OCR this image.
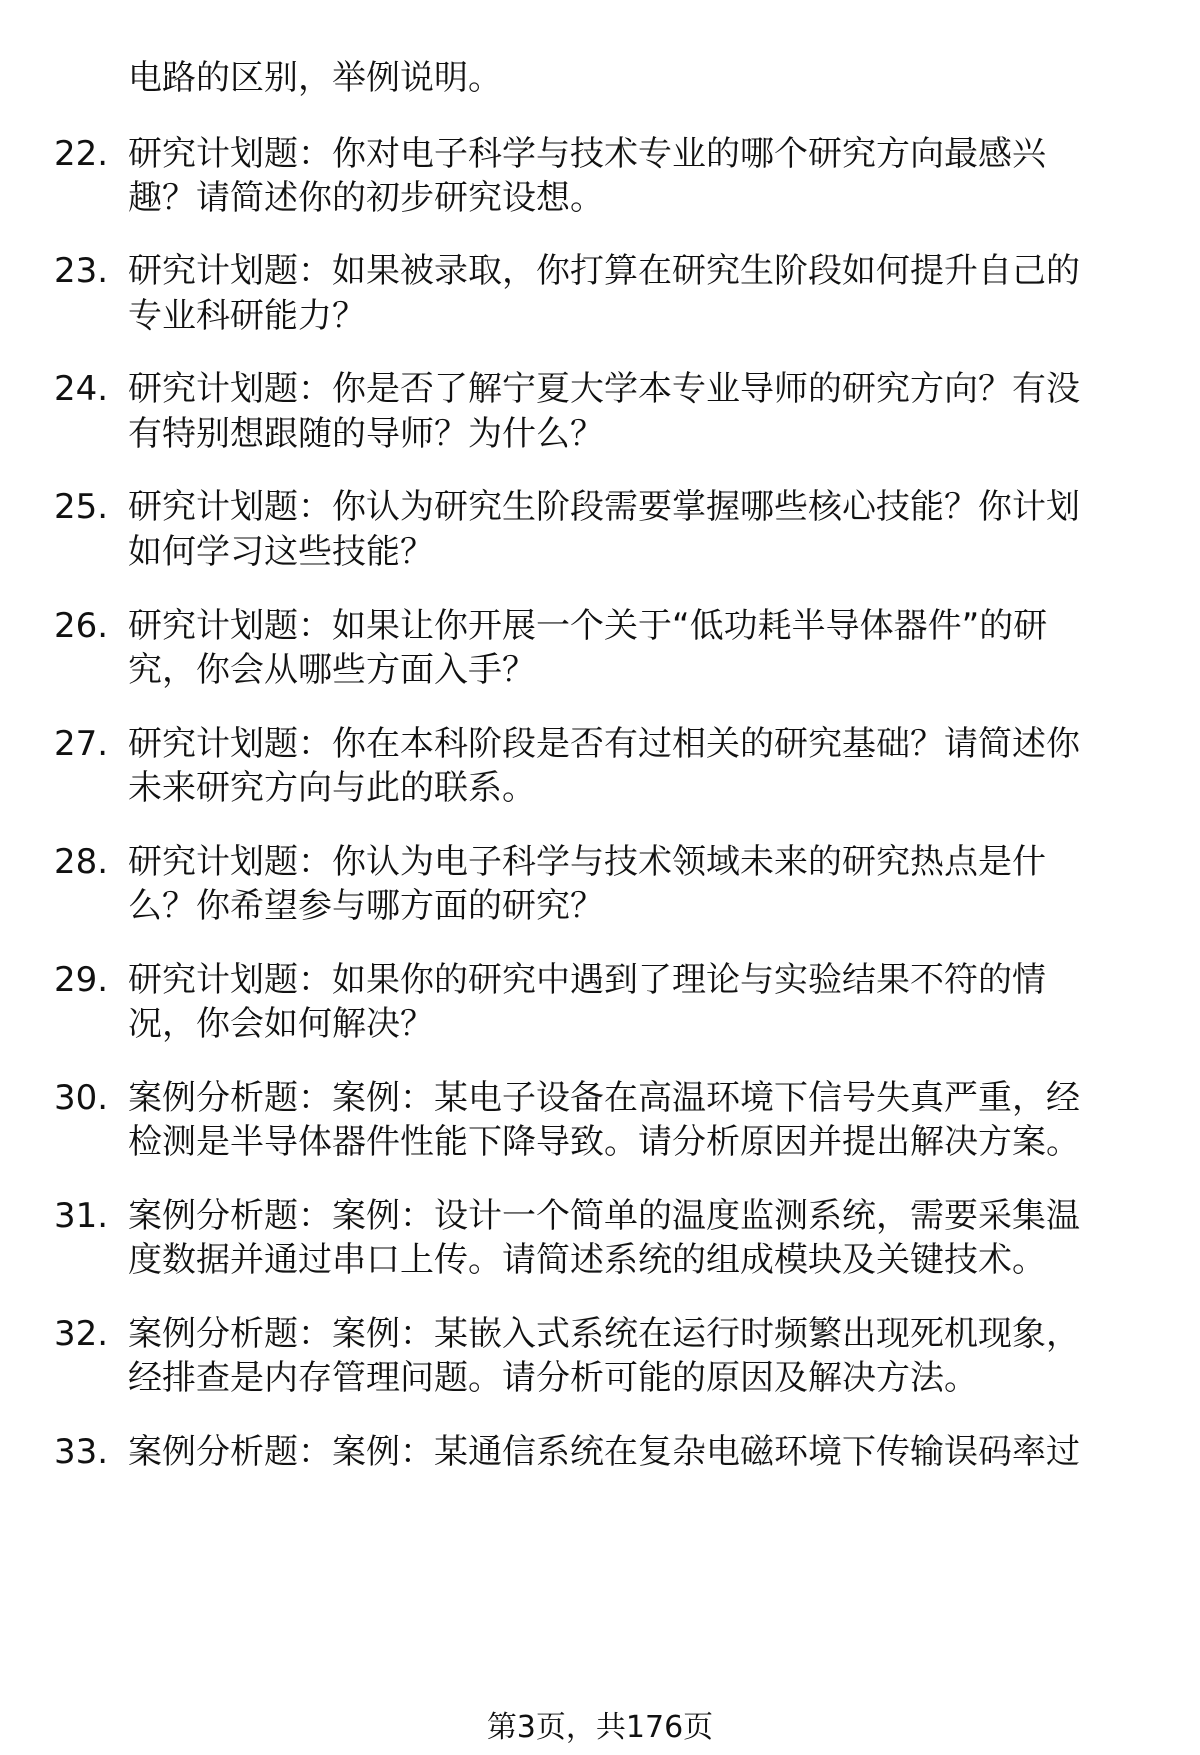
电路的区别，举例说明。
22. 研究计划题：你对电子科学与技术专业的哪个研究方向最感兴
趣？请简述你的初步研究设想。
23. 研究计划题：如果被录取，你打算在研究生阶段如何提升自己的
专业科研能力？
24. 研究计划题：你是否了解宁夏大学本专业导师的研究方向？有没
有特别想跟随的导师？为什么？
25. 研究计划题：你认为研究生阶段需要掌握哪些核心技能？你计划
如何学习这些技能？
26. 研究计划题：如果让你开展一个关于“低功耗半导体器件”的研
究，你会从哪些方面入手？
27. 研究计划题：你在本科阶段是否有过相关的研究基础？请简述你
未来研究方向与此的联系。
28. 研究计划题：你认为电子科学与技术领域未来的研究热点是什
么？你希望参与哪方面的研究？
29. 研究计划题：如果你的研究中遇到了理论与实验结果不符的情
况，你会如何解决？
30. 案例分析题：案例：某电子设备在高温环境下信号失真严重，经
检测是半导体器件性能下降导致。请分析原因并提出解决方案。
31. 案例分析题：案例：设计一个简单的温度监测系统，需要采集温
度数据并通过串口上传。请简述系统的组成模块及关键技术。
32. 案例分析题：案例：某嵌入式系统在运行时频繁出现死机现象，
经排查是内存管理问题。请分析可能的原因及解决方法。
33. 案例分析题：案例：某通信系统在复杂电磁环境下传输误码率过
第3页，共176页
